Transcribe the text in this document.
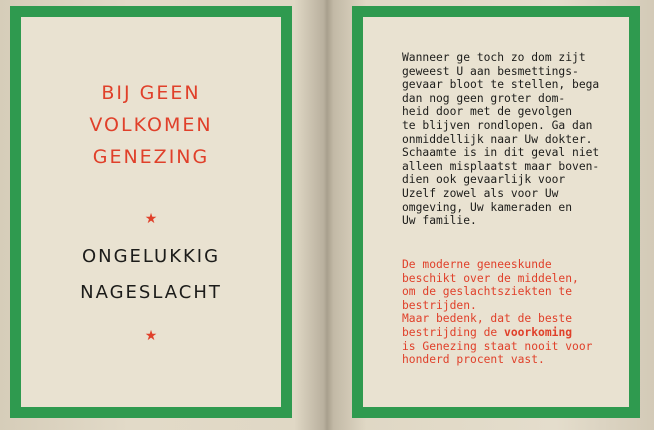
BIJ GEEN
VOLKOMEN
GENEZING
★
ONGELUKKIG
NAGESLACHT
★
Wanneer ge toch zo dom zijt
geweest U aan besmettings-
gevaar bloot te stellen, bega
dan nog geen groter dom-
heid door met de gevolgen
te blijven rondlopen. Ga dan
onmiddellijk naar Uw dokter.
Schaamte is in dit geval niet
alleen misplaatst maar boven-
dien ook gevaarlijk voor
Uzelf zowel als voor Uw
omgeving, Uw kameraden en
Uw familie.
De moderne geneeskunde
beschikt over de middelen,
om de geslachtsziekten te
bestrijden.
Maar bedenk, dat de beste
bestrijding de voorkoming
is Genezing staat nooit voor
honderd procent vast.
